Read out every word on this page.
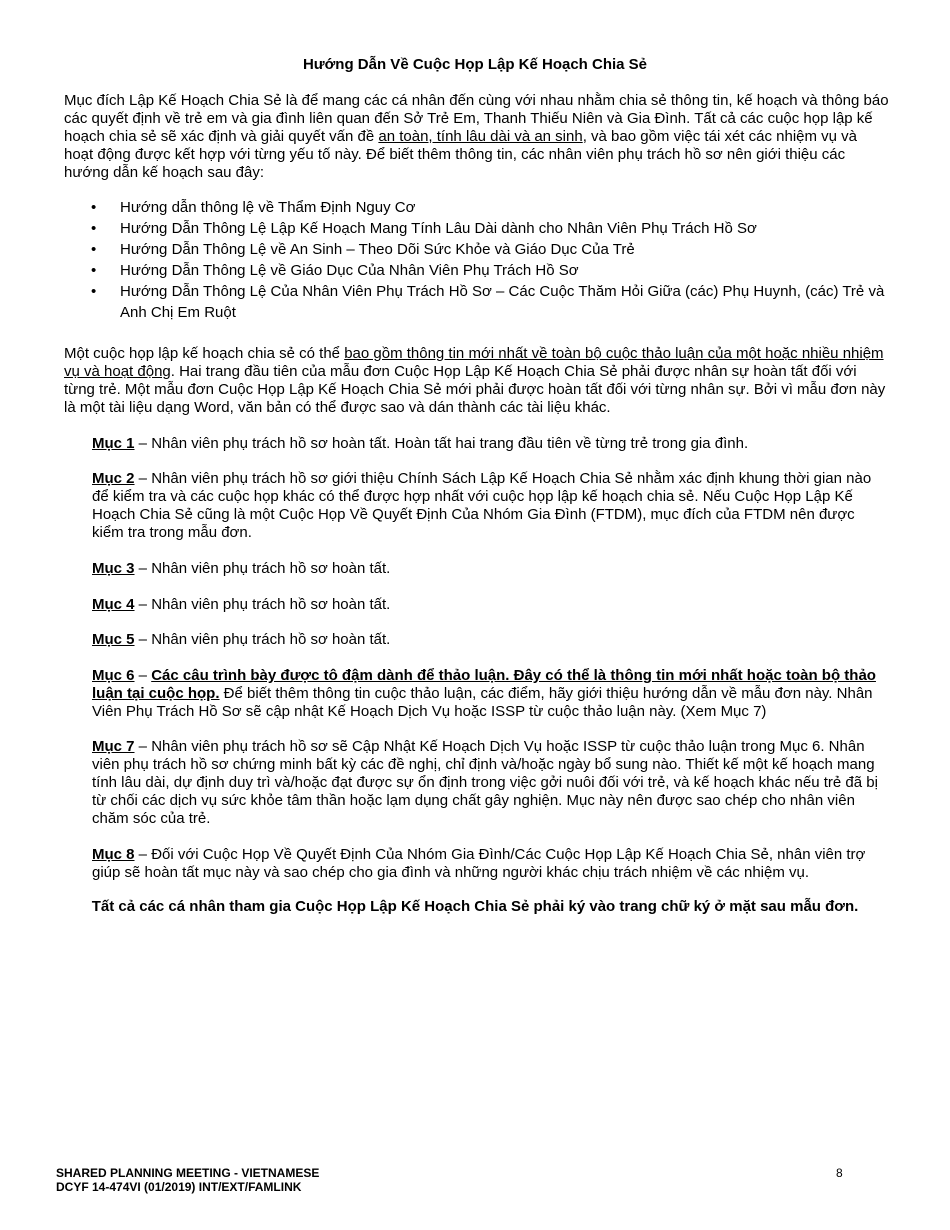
Hướng Dẫn Về Cuộc Họp Lập Kế Hoạch Chia Sẻ

Mục đích Lập Kế Hoạch Chia Sẻ là để mang các cá nhân đến cùng với nhau nhằm chia sẻ thông tin, kế hoạch và thông báo các quyết định về trẻ em và gia đình liên quan đến Sở Trẻ Em, Thanh Thiếu Niên và Gia Đình. Tất cả các cuộc họp lập kế hoạch chia sẻ sẽ xác định và giải quyết vấn đề an toàn, tính lâu dài và an sinh, và bao gồm việc tái xét các nhiệm vụ và hoạt động được kết hợp với từng yếu tố này. Để biết thêm thông tin, các nhân viên phụ trách hồ sơ nên giới thiệu các hướng dẫn kế hoạch sau đây:

• Hướng dẫn thông lệ về Thẩm Định Nguy Cơ
• Hướng Dẫn Thông Lệ Lập Kế Hoạch Mang Tính Lâu Dài dành cho Nhân Viên Phụ Trách Hồ Sơ
• Hướng Dẫn Thông Lệ về An Sinh – Theo Dõi Sức Khỏe và Giáo Dục Của Trẻ
• Hướng Dẫn Thông Lệ về Giáo Dục Của Nhân Viên Phụ Trách Hồ Sơ
• Hướng Dẫn Thông Lệ Của Nhân Viên Phụ Trách Hồ Sơ – Các Cuộc Thăm Hỏi Giữa (các) Phụ Huynh, (các) Trẻ và Anh Chị Em Ruột

Một cuộc họp lập kế hoạch chia sẻ có thể bao gồm thông tin mới nhất về toàn bộ cuộc thảo luận của một hoặc nhiều nhiệm vụ và hoạt động. Hai trang đầu tiên của mẫu đơn Cuộc Họp Lập Kế Hoạch Chia Sẻ phải được nhân sự hoàn tất đối với từng trẻ. Một mẫu đơn Cuộc Họp Lập Kế Hoạch Chia Sẻ mới phải được hoàn tất đối với từng nhân sự. Bởi vì mẫu đơn này là một tài liệu dạng Word, văn bản có thể được sao và dán thành các tài liệu khác.

Mục 1 – Nhân viên phụ trách hồ sơ hoàn tất. Hoàn tất hai trang đầu tiên về từng trẻ trong gia đình.

Mục 2 – Nhân viên phụ trách hồ sơ giới thiệu Chính Sách Lập Kế Hoạch Chia Sẻ nhằm xác định khung thời gian nào để kiểm tra và các cuộc họp khác có thể được hợp nhất với cuộc họp lập kế hoạch chia sẻ. Nếu Cuộc Họp Lập Kế Hoạch Chia Sẻ cũng là một Cuộc Họp Về Quyết Định Của Nhóm Gia Đình (FTDM), mục đích của FTDM nên được kiểm tra trong mẫu đơn.

Mục 3 – Nhân viên phụ trách hồ sơ hoàn tất.

Mục 4 – Nhân viên phụ trách hồ sơ hoàn tất.

Mục 5 – Nhân viên phụ trách hồ sơ hoàn tất.

Mục 6 – Các câu trình bày được tô đậm dành để thảo luận. Đây có thể là thông tin mới nhất hoặc toàn bộ thảo luận tại cuộc họp. Để biết thêm thông tin cuộc thảo luận, các điểm, hãy giới thiệu hướng dẫn về mẫu đơn này. Nhân Viên Phụ Trách Hồ Sơ sẽ cập nhật Kế Hoạch Dịch Vụ hoặc ISSP từ cuộc thảo luận này. (Xem Mục 7)

Mục 7 – Nhân viên phụ trách hồ sơ sẽ Cập Nhật Kế Hoạch Dịch Vụ hoặc ISSP từ cuộc thảo luận trong Mục 6. Nhân viên phụ trách hồ sơ chứng minh bất kỳ các đề nghị, chỉ định và/hoặc ngày bổ sung nào. Thiết kế một kế hoạch mang tính lâu dài, dự định duy trì và/hoặc đạt được sự ổn định trong việc gởi nuôi đối với trẻ, và kế hoạch khác nếu trẻ đã bị từ chối các dịch vụ sức khỏe tâm thần hoặc lạm dụng chất gây nghiện. Mục này nên được sao chép cho nhân viên chăm sóc của trẻ.

Mục 8 – Đối với Cuộc Họp Về Quyết Định Của Nhóm Gia Đình/Các Cuộc Họp Lập Kế Hoạch Chia Sẻ, nhân viên trợ giúp sẽ hoàn tất mục này và sao chép cho gia đình và những người khác chịu trách nhiệm về các nhiệm vụ.

Tất cả các cá nhân tham gia Cuộc Họp Lập Kế Hoạch Chia Sẻ phải ký vào trang chữ ký ở mặt sau mẫu đơn.
SHARED PLANNING MEETING - VIETNAMESE
DCYF 14-474VI (01/2019) INT/EXT/FAMLINK
8
